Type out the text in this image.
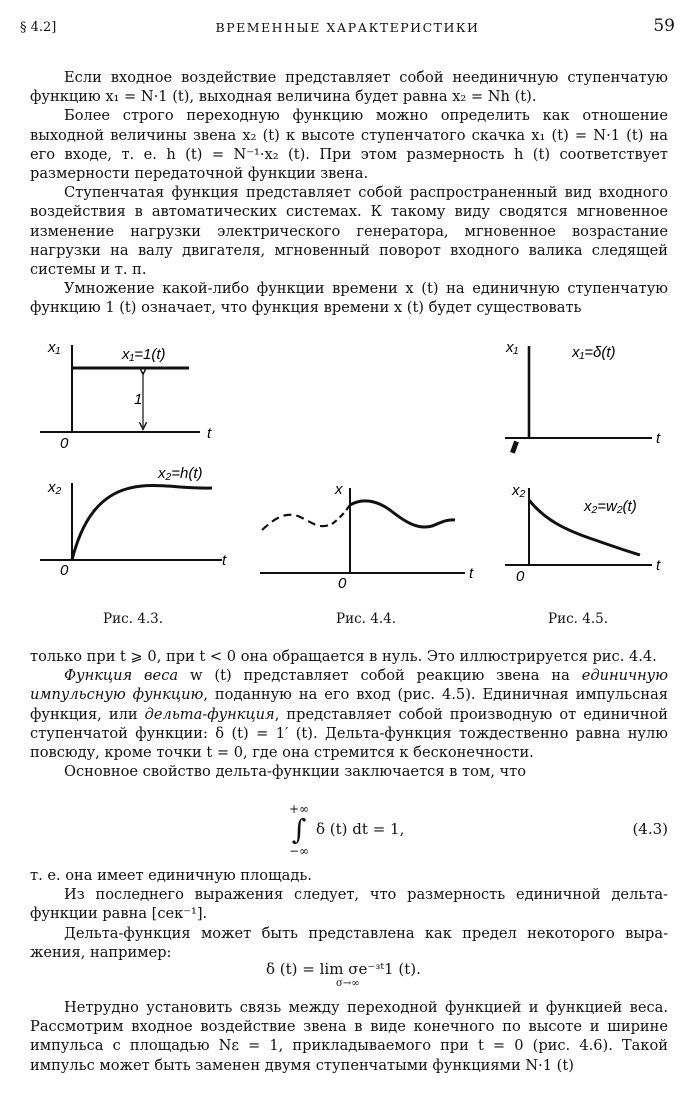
§ 4.2]	ВРЕМЕННЫЕ ХАРАКТЕРИСТИКИ	59

Если входное воздействие представляет собой неединичную ступенчатую функцию x₁ = N·1 (t), выходная величина будет равна x₂ = Nh (t).

Более строго переходную функцию можно определить как отношение выходной величины звена x₂ (t) к высоте ступенчатого скачка x₁ (t) = N·1 (t) на его входе, т. е. h (t) = N⁻¹·x₂ (t). При этом размерность h (t) соответствует размерности передаточной функции звена.

Ступенчатая функция представляет собой распространенный вид входного воздействия в автоматических системах. К такому виду сводятся мгновенное изменение нагрузки электрического генератора, мгновенное возрастание нагрузки на валу двигателя, мгновенный поворот входного валика следящей системы и т. п.

Умножение какой-либо функции времени x (t) на единичную ступенчатую функцию 1 (t) означает, что функция времени x (t) будет существовать

x₁
t
0
x₁=1(t)
1
x₂
t
0
x₂=h(t)
x
t
0
x₁
t
x₁=δ(t)
x₂
t
0
x₂=w₂(t)
Рис. 4.3.	Рис. 4.4.	Рис. 4.5.

только при t ⩾ 0, при t < 0 она обращается в нуль. Это иллюстрируется рис. 4.4.

Функция веса w (t) представляет собой реакцию звена на единичную импульсную функцию, поданную на его вход (рис. 4.5). Единичная импульсная функция, или дельта-функция, представляет собой производную от единичной ступенчатой функции: δ (t) = 1′ (t). Дельта-функция тождественно равна нулю повсюду, кроме точки t = 0, где она стремится к бесконечности.

Основное свойство дельта-функции заключается в том, что

+∞
∫
−∞
δ (t) dt = 1,	(4.3)

т. е. она имеет единичную площадь.

Из последнего выражения следует, что размерность единичной дельта-функции равна [сек⁻¹].

Дельта-функция может быть представлена как предел некоторого выражения, например:

δ (t) = lim σe⁻ᶟᵗ1 (t).
σ→∞

Нетрудно установить связь между переходной функцией и функцией веса. Рассмотрим входное воздействие звена в виде конечного по высоте и ширине импульса с площадью Nε = 1, прикладываемого при t = 0 (рис. 4.6). Такой импульс может быть заменен двумя ступенчатыми функциями N·1 (t)
